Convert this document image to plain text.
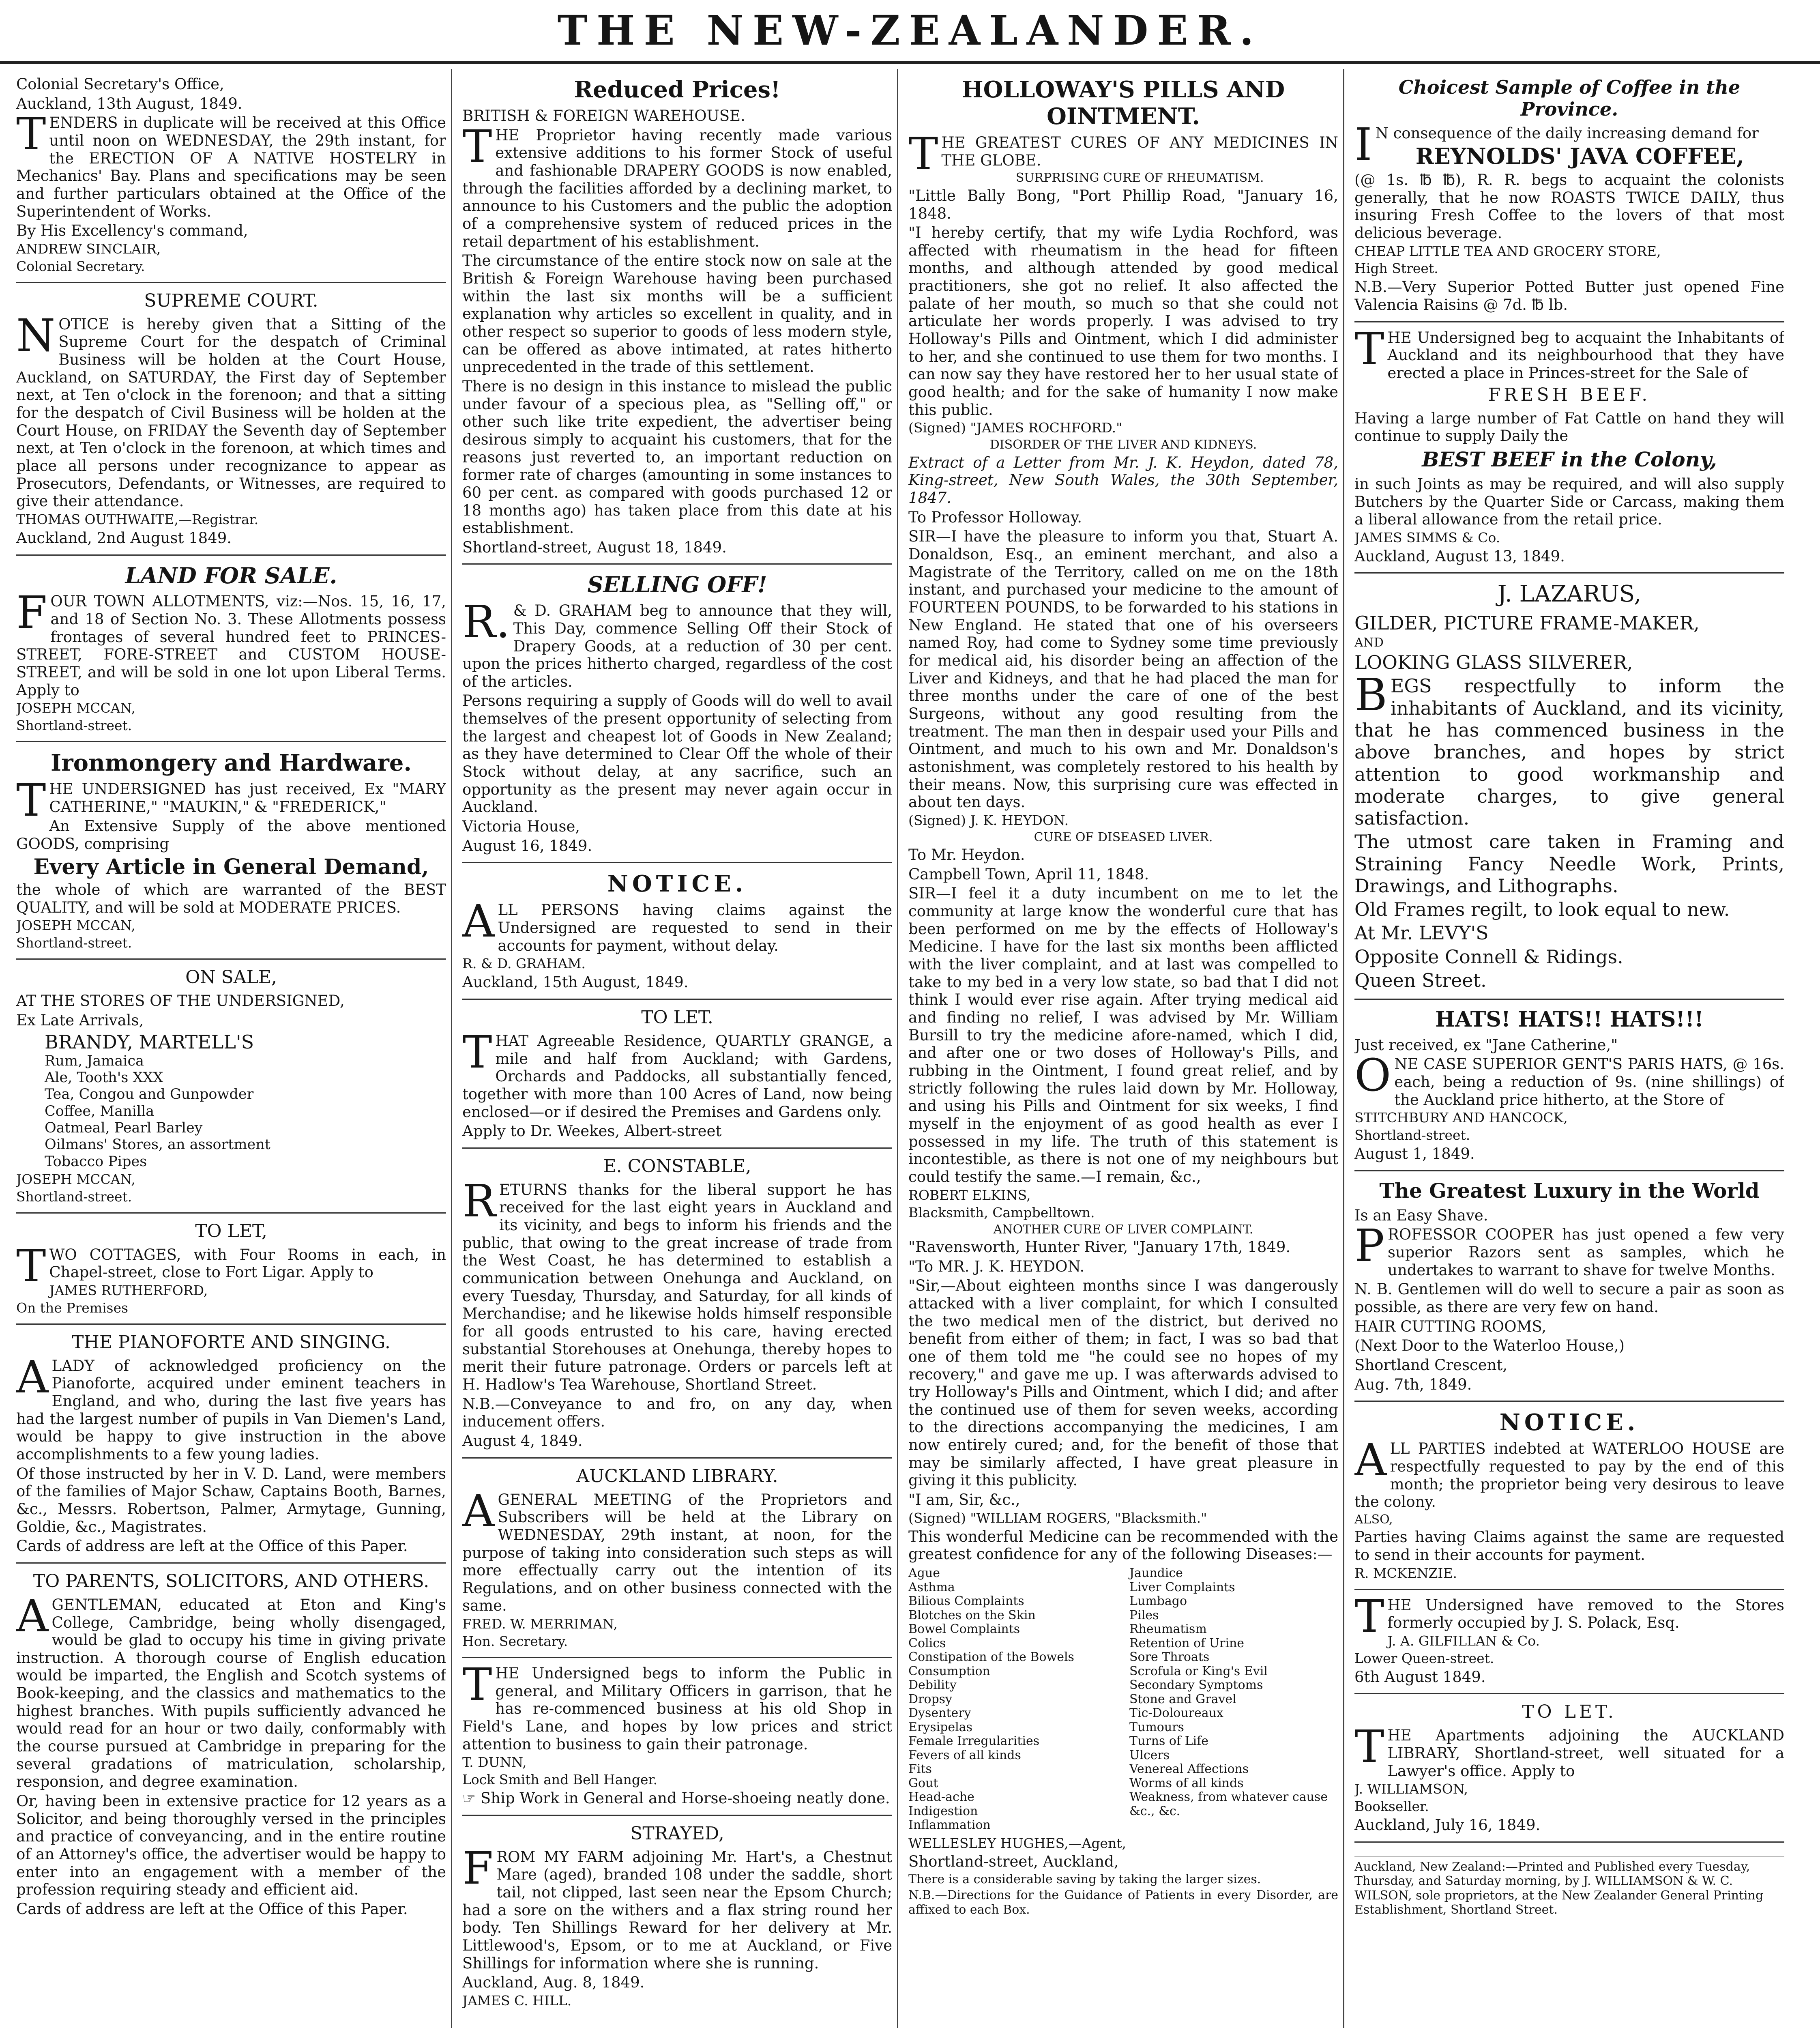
THE NEW-ZEALANDER.

Colonial Secretary's Office,

Auckland, 13th August, 1849.

TENDERS in duplicate will be received at this Office until noon on WEDNESDAY, the 29th instant, for the ERECTION OF A NATIVE HOSTELRY in Mechanics' Bay. Plans and specifications may be seen and further particulars obtained at the Office of the Superintendent of Works.

By His Excellency's command,

ANDREW SINCLAIR,

Colonial Secretary.

SUPREME COURT.

NOTICE is hereby given that a Sitting of the Supreme Court for the despatch of Criminal Business will be holden at the Court House, Auckland, on SATURDAY, the First day of September next, at Ten o'clock in the forenoon; and that a sitting for the despatch of Civil Business will be holden at the Court House, on FRIDAY the Seventh day of September next, at Ten o'clock in the forenoon, at which times and place all persons under recognizance to appear as Prosecutors, Defendants, or Witnesses, are required to give their attendance.

THOMAS OUTHWAITE,—Registrar.

Auckland, 2nd August 1849.

LAND FOR SALE.

FOUR TOWN ALLOTMENTS, viz:—Nos. 15, 16, 17, and 18 of Section No. 3. These Allotments possess frontages of several hundred feet to PRINCES-STREET, FORE-STREET and CUSTOM HOUSE-STREET, and will be sold in one lot upon Liberal Terms. Apply to

JOSEPH MCCAN,

Shortland-street.

Ironmongery and Hardware.

THE UNDERSIGNED has just received, Ex "MARY CATHERINE," "MAUKIN," & "FREDERICK,"

An Extensive Supply of the above mentioned GOODS, comprising

Every Article in General Demand,

the whole of which are warranted of the BEST QUALITY, and will be sold at MODERATE PRICES.

JOSEPH MCCAN,

Shortland-street.

ON SALE,

AT THE STORES OF THE UNDERSIGNED,

Ex Late Arrivals,

BRANDY, MARTELL'S
Rum, Jamaica
Ale, Tooth's XXX
Tea, Congou and Gunpowder
Coffee, Manilla
Oatmeal, Pearl Barley
Oilmans' Stores, an assortment
Tobacco Pipes

JOSEPH MCCAN,

Shortland-street.

TO LET,

TWO COTTAGES, with Four Rooms in each, in Chapel-street, close to Fort Ligar. Apply to

JAMES RUTHERFORD,

On the Premises

THE PIANOFORTE AND SINGING.

ALADY of acknowledged proficiency on the Pianoforte, acquired under eminent teachers in England, and who, during the last five years has had the largest number of pupils in Van Diemen's Land, would be happy to give instruction in the above accomplishments to a few young ladies.

Of those instructed by her in V. D. Land, were members of the families of Major Schaw, Captains Booth, Barnes, &c., Messrs. Robertson, Palmer, Armytage, Gunning, Goldie, &c., Magistrates.

Cards of address are left at the Office of this Paper.

TO PARENTS, SOLICITORS, AND OTHERS.

AGENTLEMAN, educated at Eton and King's College, Cambridge, being wholly disengaged, would be glad to occupy his time in giving private instruction. A thorough course of English education would be imparted, the English and Scotch systems of Book-keeping, and the classics and mathematics to the highest branches. With pupils sufficiently advanced he would read for an hour or two daily, conformably with the course pursued at Cambridge in preparing for the several gradations of matriculation, scholarship, responsion, and degree examination.

Or, having been in extensive practice for 12 years as a Solicitor, and being thoroughly versed in the principles and practice of conveyancing, and in the entire routine of an Attorney's office, the advertiser would be happy to enter into an engagement with a member of the profession requiring steady and efficient aid.

Cards of address are left at the Office of this Paper.

Reduced Prices!

BRITISH & FOREIGN WAREHOUSE.

THE Proprietor having recently made various extensive additions to his former Stock of useful and fashionable DRAPERY GOODS is now enabled, through the facilities afforded by a declining market, to announce to his Customers and the public the adoption of a comprehensive system of reduced prices in the retail department of his establishment.

The circumstance of the entire stock now on sale at the British & Foreign Warehouse having been purchased within the last six months will be a sufficient explanation why articles so excellent in quality, and in other respect so superior to goods of less modern style, can be offered as above intimated, at rates hitherto unprecedented in the trade of this settlement.

There is no design in this instance to mislead the public under favour of a specious plea, as "Selling off," or other such like trite expedient, the advertiser being desirous simply to acquaint his customers, that for the reasons just reverted to, an important reduction on former rate of charges (amounting in some instances to 60 per cent. as compared with goods purchased 12 or 18 months ago) has taken place from this date at his establishment.

Shortland-street, August 18, 1849.

SELLING OFF!

R.& D. GRAHAM beg to announce that they will, This Day, commence Selling Off their Stock of Drapery Goods, at a reduction of 30 per cent. upon the prices hitherto charged, regardless of the cost of the articles.

Persons requiring a supply of Goods will do well to avail themselves of the present opportunity of selecting from the largest and cheapest lot of Goods in New Zealand; as they have determined to Clear Off the whole of their Stock without delay, at any sacrifice, such an opportunity as the present may never again occur in Auckland.

Victoria House,

August 16, 1849.

NOTICE.

ALL PERSONS having claims against the Undersigned are requested to send in their accounts for payment, without delay.

R. & D. GRAHAM.

Auckland, 15th August, 1849.

TO LET.

THAT Agreeable Residence, QUARTLY GRANGE, a mile and half from Auckland; with Gardens, Orchards and Paddocks, all substantially fenced, together with more than 100 Acres of Land, now being enclosed—or if desired the Premises and Gardens only.

Apply to Dr. Weekes, Albert-street

E. CONSTABLE,

RETURNS thanks for the liberal support he has received for the last eight years in Auckland and its vicinity, and begs to inform his friends and the public, that owing to the great increase of trade from the West Coast, he has determined to establish a communication between Onehunga and Auckland, on every Tuesday, Thursday, and Saturday, for all kinds of Merchandise; and he likewise holds himself responsible for all goods entrusted to his care, having erected substantial Storehouses at Onehunga, thereby hopes to merit their future patronage. Orders or parcels left at H. Hadlow's Tea Warehouse, Shortland Street.

N.B.—Conveyance to and fro, on any day, when inducement offers.

August 4, 1849.

AUCKLAND LIBRARY.

AGENERAL MEETING of the Proprietors and Subscribers will be held at the Library on WEDNESDAY, 29th instant, at noon, for the purpose of taking into consideration such steps as will more effectually carry out the intention of its Regulations, and on other business connected with the same.

FRED. W. MERRIMAN,

Hon. Secretary.

THE Undersigned begs to inform the Public in general, and Military Officers in garrison, that he has re-commenced business at his old Shop in Field's Lane, and hopes by low prices and strict attention to business to gain their patronage.

T. DUNN,

Lock Smith and Bell Hanger.

☞ Ship Work in General and Horse-shoeing neatly done.

STRAYED,

FROM MY FARM adjoining Mr. Hart's, a Chestnut Mare (aged), branded 108 under the saddle, short tail, not clipped, last seen near the Epsom Church; had a sore on the withers and a flax string round her body. Ten Shillings Reward for her delivery at Mr. Littlewood's, Epsom, or to me at Auckland, or Five Shillings for information where she is running.

Auckland, Aug. 8, 1849.

JAMES C. HILL.

HOLLOWAY'S PILLS AND OINTMENT.

THE GREATEST CURES OF ANY MEDICINES IN THE GLOBE.

SURPRISING CURE OF RHEUMATISM.

"Little Bally Bong, "Port Phillip Road, "January 16, 1848.

"I hereby certify, that my wife Lydia Rochford, was affected with rheumatism in the head for fifteen months, and although attended by good medical practitioners, she got no relief. It also affected the palate of her mouth, so much so that she could not articulate her words properly. I was advised to try Holloway's Pills and Ointment, which I did administer to her, and she continued to use them for two months. I can now say they have restored her to her usual state of good health; and for the sake of humanity I now make this public.

(Signed) "JAMES ROCHFORD."

DISORDER OF THE LIVER AND KIDNEYS.

Extract of a Letter from Mr. J. K. Heydon, dated 78, King-street, New South Wales, the 30th September, 1847.

To Professor Holloway.

SIR—I have the pleasure to inform you that, Stuart A. Donaldson, Esq., an eminent merchant, and also a Magistrate of the Territory, called on me on the 18th instant, and purchased your medicine to the amount of FOURTEEN POUNDS, to be forwarded to his stations in New England. He stated that one of his overseers named Roy, had come to Sydney some time previously for medical aid, his disorder being an affection of the Liver and Kidneys, and that he had placed the man for three months under the care of one of the best Surgeons, without any good resulting from the treatment. The man then in despair used your Pills and Ointment, and much to his own and Mr. Donaldson's astonishment, was completely restored to his health by their means. Now, this surprising cure was effected in about ten days.

(Signed) J. K. HEYDON.

CURE OF DISEASED LIVER.

To Mr. Heydon.

Campbell Town, April 11, 1848.

SIR—I feel it a duty incumbent on me to let the community at large know the wonderful cure that has been performed on me by the effects of Holloway's Medicine. I have for the last six months been afflicted with the liver complaint, and at last was compelled to take to my bed in a very low state, so bad that I did not think I would ever rise again. After trying medical aid and finding no relief, I was advised by Mr. William Bursill to try the medicine afore-named, which I did, and after one or two doses of Holloway's Pills, and rubbing in the Ointment, I found great relief, and by strictly following the rules laid down by Mr. Holloway, and using his Pills and Ointment for six weeks, I find myself in the enjoyment of as good health as ever I possessed in my life. The truth of this statement is incontestible, as there is not one of my neighbours but could testify the same.—I remain, &c.,

ROBERT ELKINS,

Blacksmith, Campbelltown.

ANOTHER CURE OF LIVER COMPLAINT.

"Ravensworth, Hunter River, "January 17th, 1849.

"To MR. J. K. HEYDON.

"Sir,—About eighteen months since I was dangerously attacked with a liver complaint, for which I consulted the two medical men of the district, but derived no benefit from either of them; in fact, I was so bad that one of them told me "he could see no hopes of my recovery," and gave me up. I was afterwards advised to try Holloway's Pills and Ointment, which I did; and after the continued use of them for seven weeks, according to the directions accompanying the medicines, I am now entirely cured; and, for the benefit of those that may be similarly affected, I have great pleasure in giving it this publicity.

"I am, Sir, &c.,

(Signed) "WILLIAM ROGERS, "Blacksmith."

This wonderful Medicine can be recommended with the greatest confidence for any of the following Diseases:—

Ague
Asthma
Bilious Complaints
Blotches on the Skin
Bowel Complaints
Colics
Constipation of the Bowels
Consumption
Debility
Dropsy
Dysentery
Erysipelas
Female Irregularities
Fevers of all kinds
Fits
Gout
Head-ache
Indigestion
Inflammation
Jaundice
Liver Complaints
Lumbago
Piles
Rheumatism
Retention of Urine
Sore Throats
Scrofula or King's Evil
Secondary Symptoms
Stone and Gravel
Tic-Doloureaux
Tumours
Turns of Life
Ulcers
Venereal Affections
Worms of all kinds
Weakness, from whatever cause
&c., &c.

WELLESLEY HUGHES,—Agent,

Shortland-street, Auckland,

There is a considerable saving by taking the larger sizes.

N.B.—Directions for the Guidance of Patients in every Disorder, are affixed to each Box.

Choicest Sample of Coffee in the Province.

IN consequence of the daily increasing demand for

REYNOLDS' JAVA COFFEE,

(@ 1s. ℔ ℔), R. R. begs to acquaint the colonists generally, that he now ROASTS TWICE DAILY, thus insuring Fresh Coffee to the lovers of that most delicious beverage.

CHEAP LITTLE TEA AND GROCERY STORE,

High Street.

N.B.—Very Superior Potted Butter just opened Fine Valencia Raisins @ 7d. ℔ lb.

THE Undersigned beg to acquaint the Inhabitants of Auckland and its neighbourhood that they have erected a place in Princes-street for the Sale of

FRESH BEEF.

Having a large number of Fat Cattle on hand they will continue to supply Daily the

BEST BEEF in the Colony,

in such Joints as may be required, and will also supply Butchers by the Quarter Side or Carcass, making them a liberal allowance from the retail price.

JAMES SIMMS & Co.

Auckland, August 13, 1849.

J. LAZARUS,

GILDER, PICTURE FRAME-MAKER,

AND

LOOKING GLASS SILVERER,

BEGS respectfully to inform the inhabitants of Auckland, and its vicinity, that he has commenced business in the above branches, and hopes by strict attention to good workmanship and moderate charges, to give general satisfaction.

The utmost care taken in Framing and Straining Fancy Needle Work, Prints, Drawings, and Lithographs.

Old Frames regilt, to look equal to new.

At Mr. LEVY'S

Opposite Connell & Ridings.

Queen Street.

HATS! HATS!! HATS!!!

Just received, ex "Jane Catherine,"

ONE CASE SUPERIOR GENT'S PARIS HATS, @ 16s. each, being a reduction of 9s. (nine shillings) of the Auckland price hitherto, at the Store of

STITCHBURY AND HANCOCK,

Shortland-street.

August 1, 1849.

The Greatest Luxury in the World

Is an Easy Shave.

PROFESSOR COOPER has just opened a few very superior Razors sent as samples, which he undertakes to warrant to shave for twelve Months.

N. B. Gentlemen will do well to secure a pair as soon as possible, as there are very few on hand.

HAIR CUTTING ROOMS,

(Next Door to the Waterloo House,)

Shortland Crescent,

Aug. 7th, 1849.

NOTICE.

ALL PARTIES indebted at WATERLOO HOUSE are respectfully requested to pay by the end of this month; the proprietor being very desirous to leave the colony.

ALSO,

Parties having Claims against the same are requested to send in their accounts for payment.

R. MCKENZIE.

THE Undersigned have removed to the Stores formerly occupied by J. S. Polack, Esq.

J. A. GILFILLAN & Co.

Lower Queen-street.

6th August 1849.

TO LET.

THE Apartments adjoining the AUCKLAND LIBRARY, Shortland-street, well situated for a Lawyer's office. Apply to

J. WILLIAMSON,

Bookseller.

Auckland, July 16, 1849.

Auckland, New Zealand:—Printed and Published every Tuesday, Thursday, and Saturday morning, by J. WILLIAMSON & W. C. WILSON, sole proprietors, at the New Zealander General Printing Establishment, Shortland Street.
